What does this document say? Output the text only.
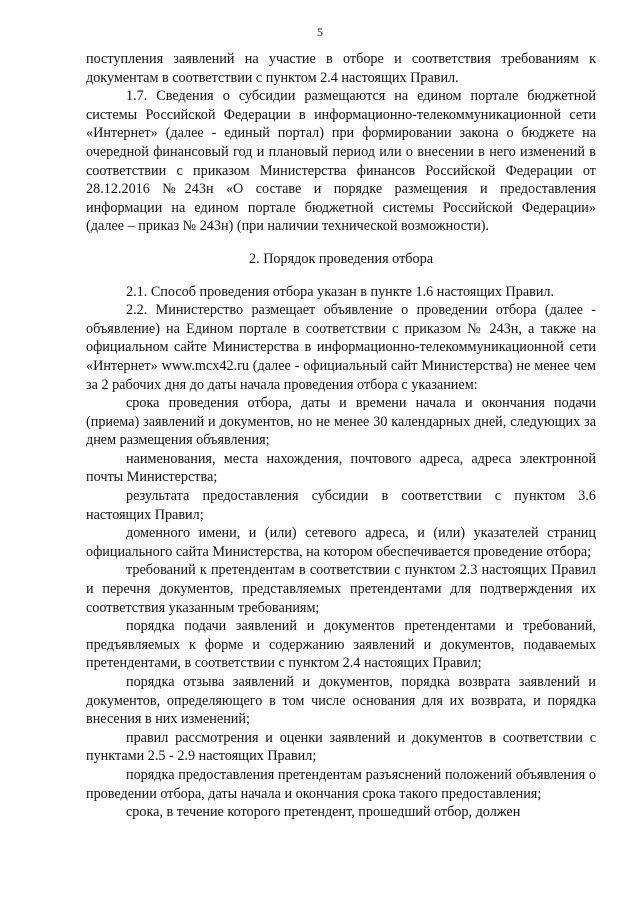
5

поступления заявлений на участие в отборе и соответствия требованиям к документам в соответствии с пунктом 2.4 настоящих Правил.

1.7. Сведения о субсидии размещаются на едином портале бюджетной системы Российской Федерации в информационно-телекоммуникационной сети «Интернет» (далее - единый портал) при формировании закона о бюджете на очередной финансовый год и плановый период или о внесении в него изменений в соответствии с приказом Министерства финансов Российской Федерации от 28.12.2016 №243н «О составе и порядке размещения и предоставления информации на едином портале бюджетной системы Российской Федерации» (далее – приказ № 243н) (при наличии технической возможности).

2. Порядок проведения отбора

2.1. Способ проведения отбора указан в пункте 1.6 настоящих Правил.

2.2. Министерство размещает объявление о проведении отбора (далее - объявление) на Едином портале в соответствии с приказом № 243н, а также на официальном сайте Министерства в информационно-телекоммуникационной сети «Интернет» www.mcx42.ru (далее - официальный сайт Министерства) не менее чем за 2 рабочих дня до даты начала проведения отбора с указанием:

срока проведения отбора, даты и времени начала и окончания подачи (приема) заявлений и документов, но не менее 30 календарных дней, следующих за днем размещения объявления;

наименования, места нахождения, почтового адреса, адреса электронной почты Министерства;

результата предоставления субсидии в соответствии с пунктом 3.6 настоящих Правил;

доменного имени, и (или) сетевого адреса, и (или) указателей страниц официального сайта Министерства, на котором обеспечивается проведение отбора;

требований к претендентам в соответствии с пунктом 2.3 настоящих Правил и перечня документов, представляемых претендентами для подтверждения их соответствия указанным требованиям;

порядка подачи заявлений и документов претендентами и требований, предъявляемых к форме и содержанию заявлений и документов, подаваемых претендентами, в соответствии с пунктом 2.4 настоящих Правил;

порядка отзыва заявлений и документов, порядка возврата заявлений и документов, определяющего в том числе основания для их возврата, и порядка внесения в них изменений;

правил рассмотрения и оценки заявлений и документов в соответствии с пунктами 2.5 - 2.9 настоящих Правил;

порядка предоставления претендентам разъяснений положений объявления о проведении отбора, даты начала и окончания срока такого предоставления;

срока, в течение которого претендент, прошедший отбор, должен
